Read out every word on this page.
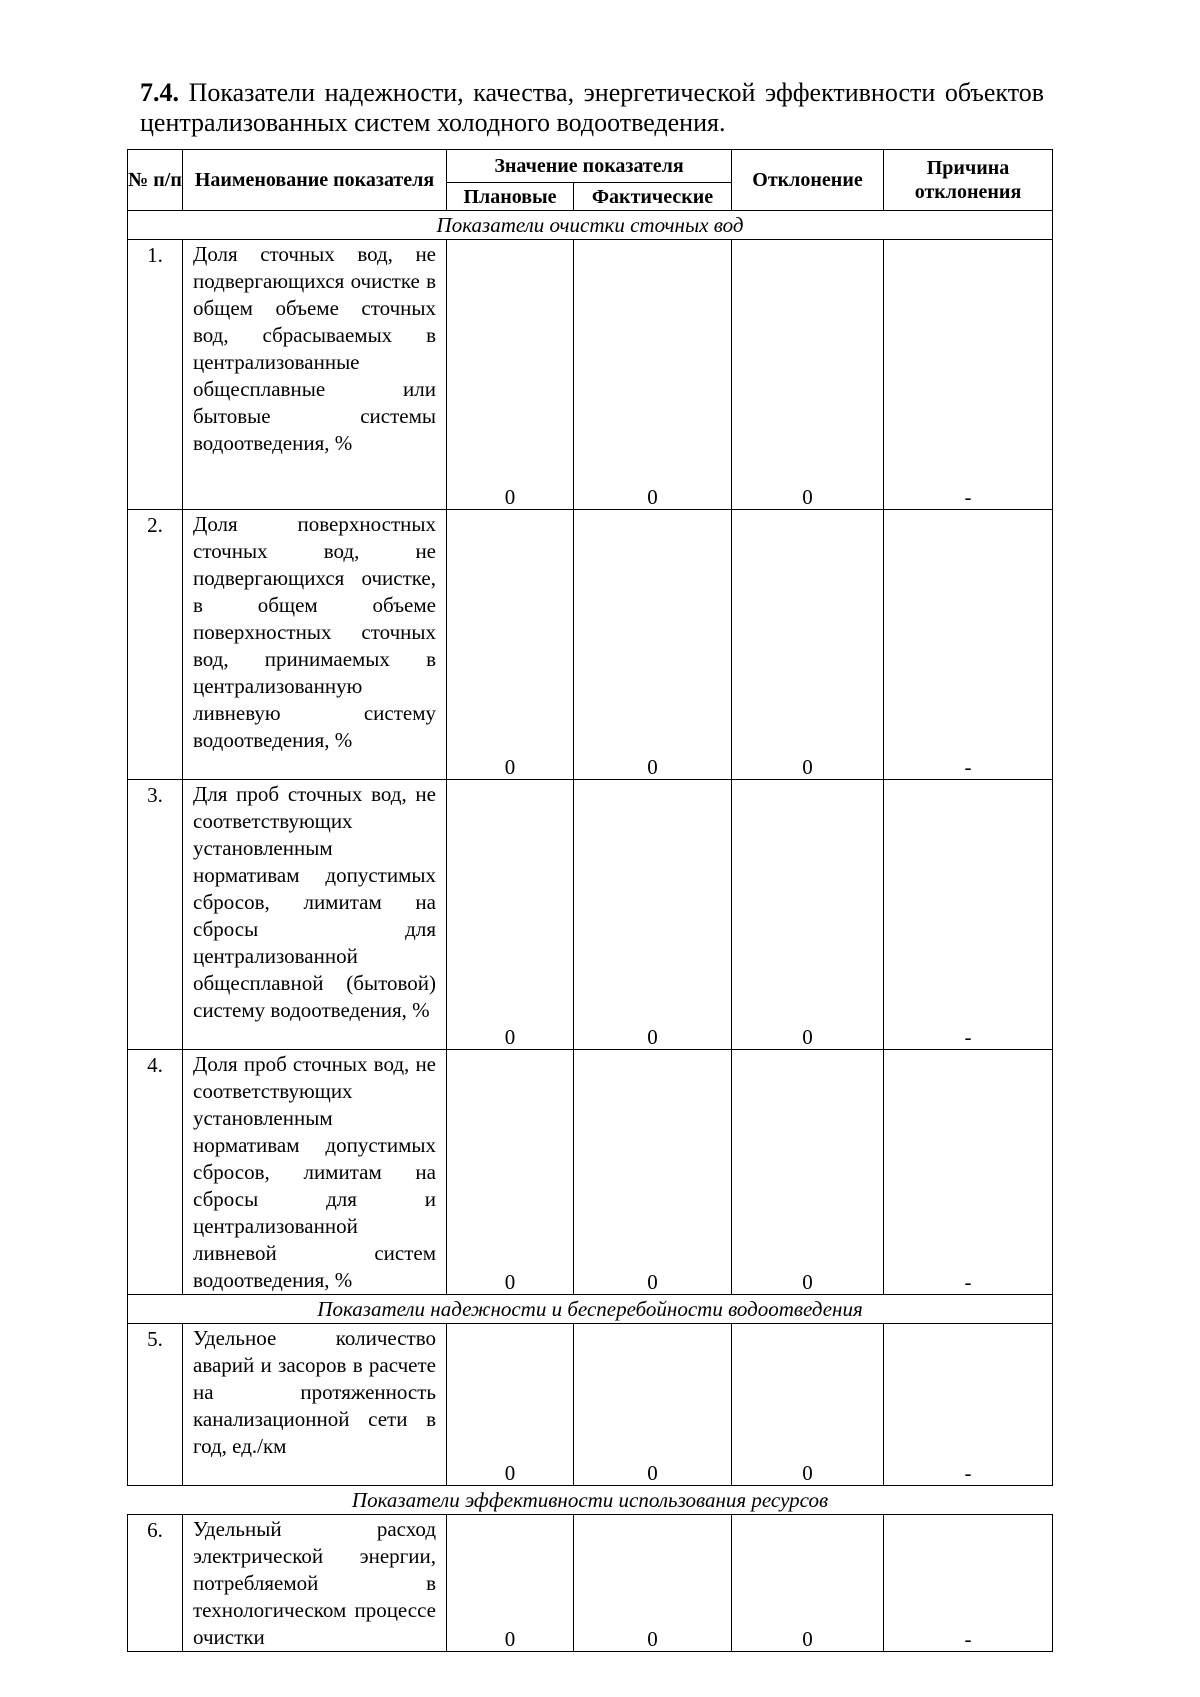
7.4. Показатели надежности, качества, энергетической эффективности объектов централизованных систем холодного водоотведения.
№ п/п	Наименование показателя	Значение показателя		Отклонение	Причина отклонения
		Плановые	Фактические		
Показатели очистки сточных вод					
1.	Доля сточных вод, не подвергающихся очистке в общем объеме сточных вод, сбрасываемых в централизованные общесплавные или бытовые системы водоотведения, %	0	0	0	-
2.	Доля поверхностных сточных вод, не подвергающихся очистке, в общем объеме поверхностных сточных вод, принимаемых в централизованную ливневую систему водоотведения, %	0	0	0	-
3.	Для проб сточных вод, не соответствующих установленным нормативам допустимых сбросов, лимитам на сбросы для централизованной общесплавной (бытовой) систему водоотведения, %	0	0	0	-
4.	Доля проб сточных вод, не соответствующих установленным нормативам допустимых сбросов, лимитам на сбросы для и централизованной ливневой систем водоотведения, %	0	0	0	-
Показатели надежности и бесперебойности водоотведения					
5.	Удельное количество аварий и засоров в расчете на протяженность канализационной сети в год, ед./км	0	0	0	-
Показатели эффективности использования ресурсов					
6.	Удельный расход электрической энергии, потребляемой в технологическом процессе очистки	0	0	0	-
